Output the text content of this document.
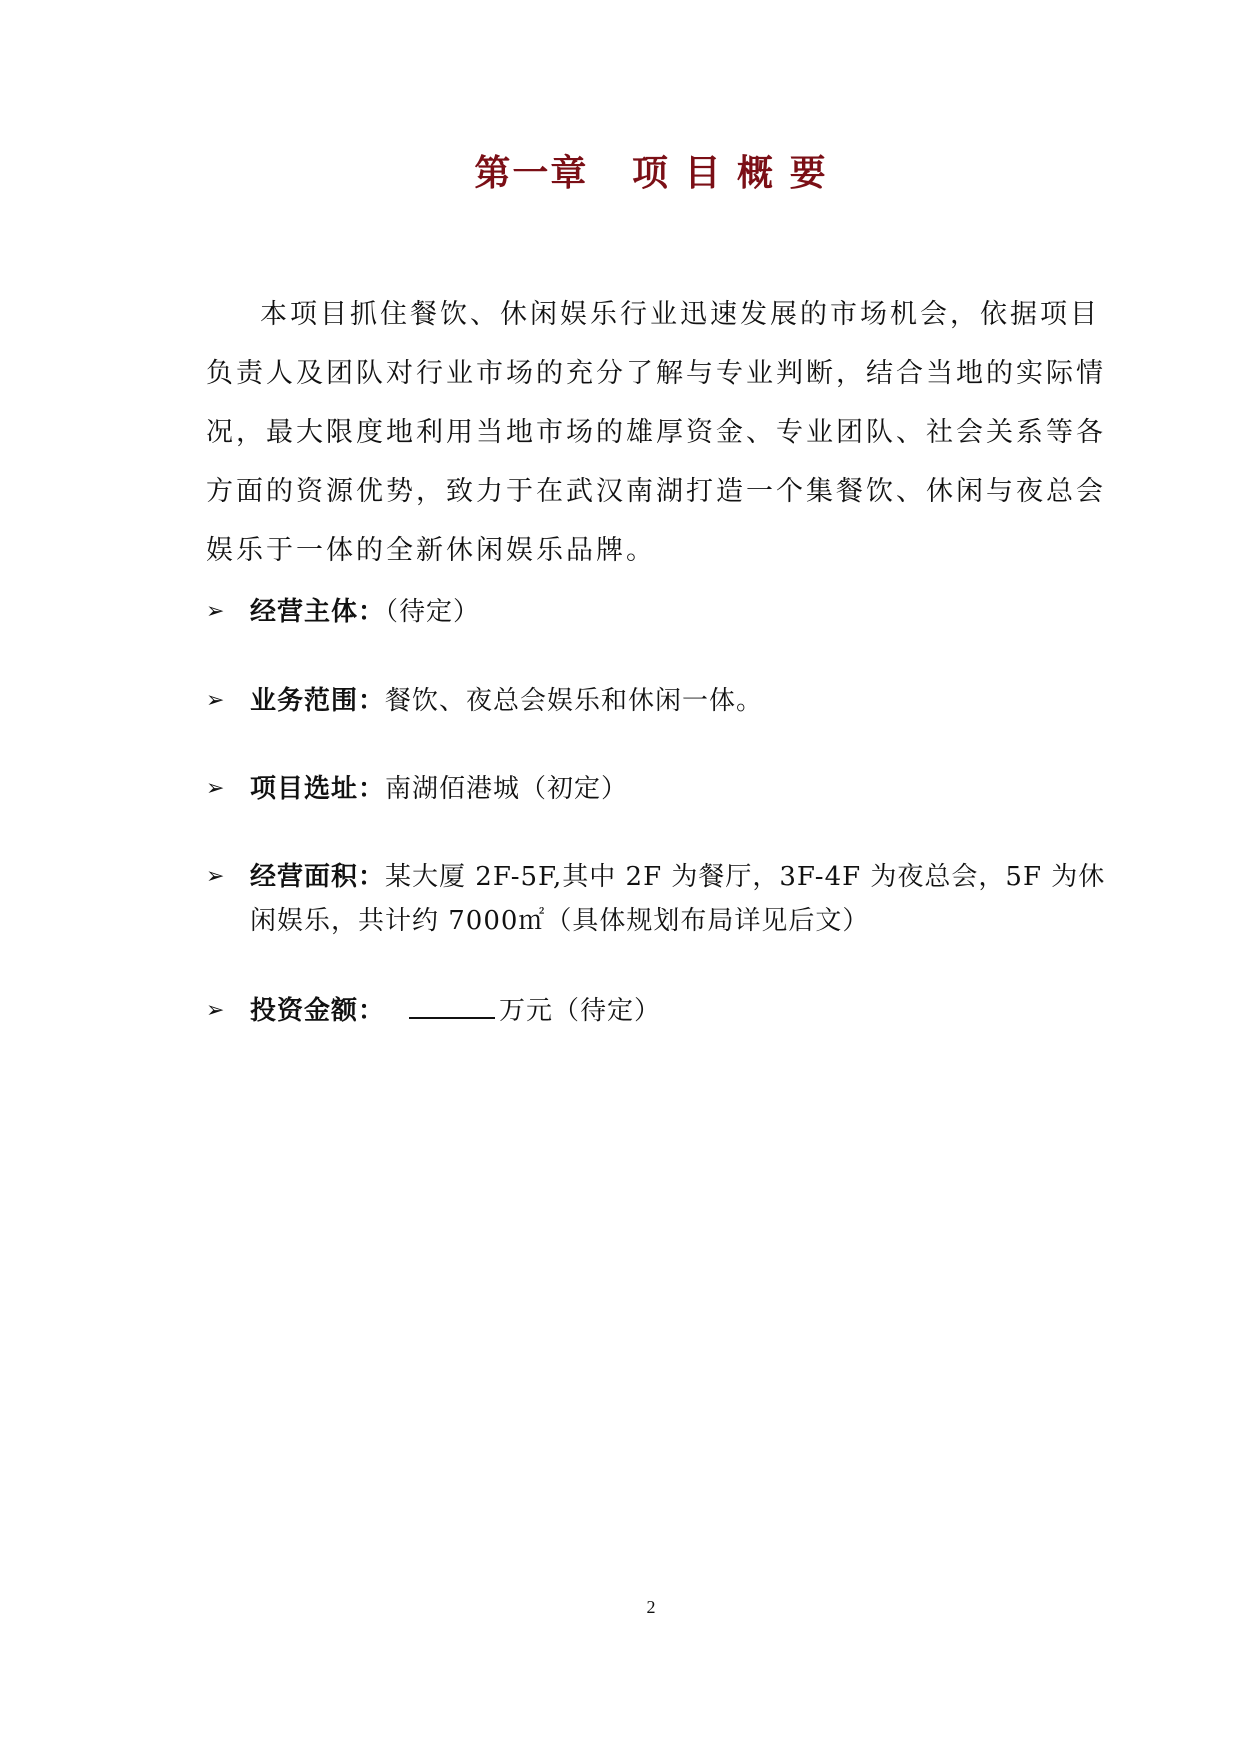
第一章   项 目 概 要

本项目抓住餐饮、休闲娱乐行业迅速发展的市场机会，依据项目负责人及团队对行业市场的充分了解与专业判断，结合当地的实际情况，最大限度地利用当地市场的雄厚资金、专业团队、社会关系等各方面的资源优势，致力于在武汉南湖打造一个集餐饮、休闲与夜总会娱乐于一体的全新休闲娱乐品牌。

➢ 经营主体：（待定）
➢ 业务范围：餐饮、夜总会娱乐和休闲一体。
➢ 项目选址：南湖佰港城（初定）
➢ 经营面积：某大厦 2F-5F,其中 2F 为餐厅，3F-4F 为夜总会，5F 为休闲娱乐，共计约 7000㎡（具体规划布局详见后文）
➢ 投资金额：	万元（待定）
2
